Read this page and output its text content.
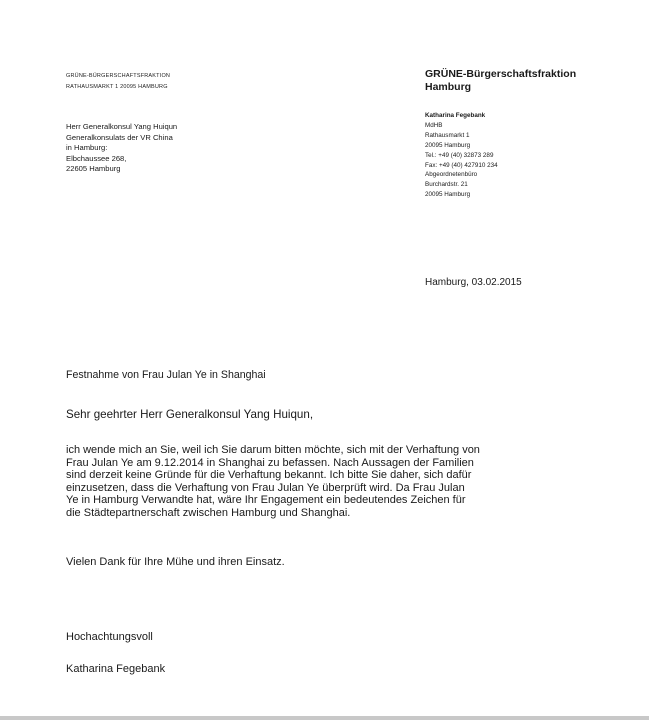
GRÜNE-BÜRGERSCHAFTSFRAKTION
RATHAUSMARKT 1 20095 HAMBURG
Herr Generalkonsul Yang Huiqun
Generalkonsulats der VR China
in Hamburg:
Elbchaussee 268,
22605 Hamburg
GRÜNE-Bürgerschaftsfraktion
Hamburg
Katharina Fegebank
MdHB
Rathausmarkt 1
20095 Hamburg
Tel.: +49 (40) 32873 289
Fax: +49 (40) 427910 234
Abgeordnetenbüro
Burchardstr. 21
20095 Hamburg
Hamburg, 03.02.2015
Festnahme von Frau Julan Ye in Shanghai
Sehr geehrter Herr Generalkonsul Yang Huiqun,
ich wende mich an Sie, weil ich Sie darum bitten möchte, sich mit der Verhaftung von
Frau Julan Ye am 9.12.2014 in Shanghai zu befassen. Nach Aussagen der Familien
sind derzeit keine Gründe für die Verhaftung bekannt. Ich bitte Sie daher, sich dafür
einzusetzen, dass die Verhaftung von Frau Julan Ye überprüft wird. Da Frau Julan
Ye in Hamburg Verwandte hat, wäre Ihr Engagement ein bedeutendes Zeichen für
die Städtepartnerschaft zwischen Hamburg und Shanghai.
Vielen Dank für Ihre Mühe und ihren Einsatz.
Hochachtungsvoll
Katharina Fegebank
